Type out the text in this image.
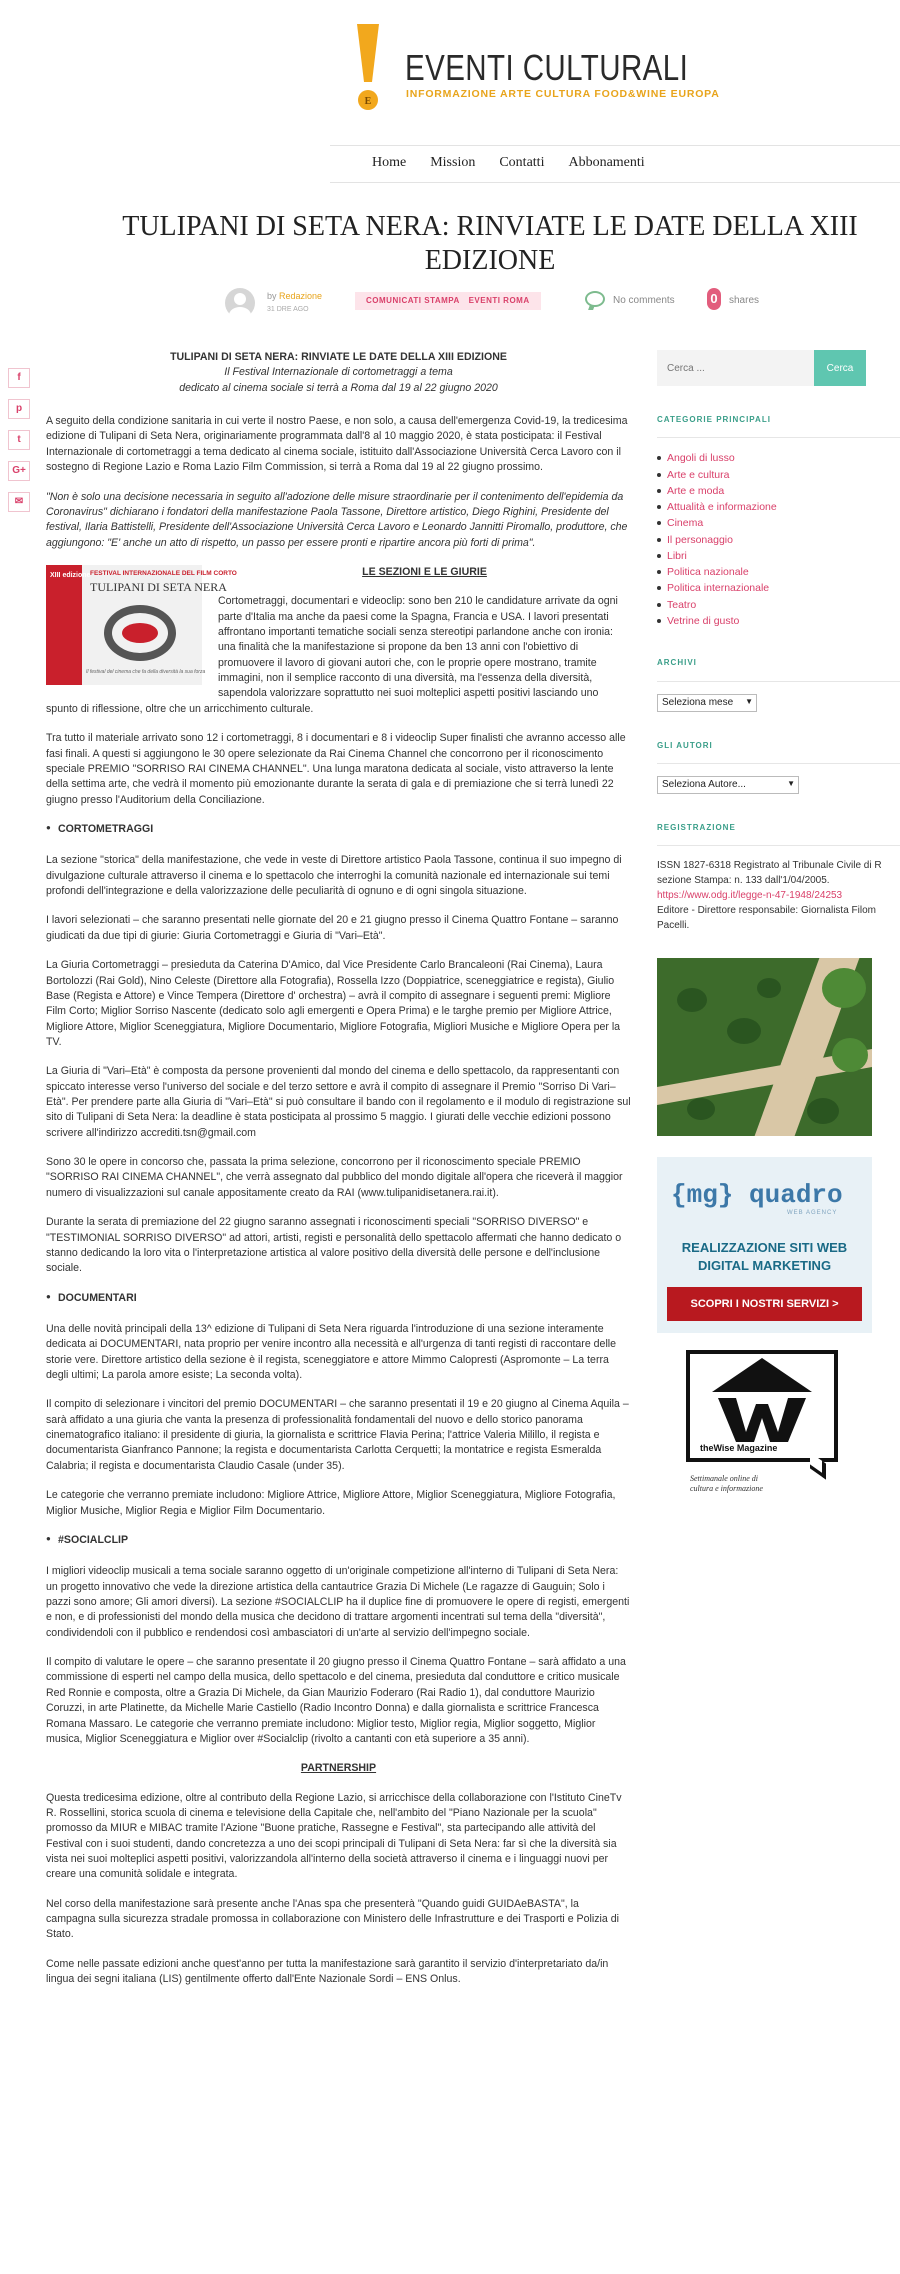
E
EVENTI CULTURALI
INFORMAZIONE ARTE CULTURA FOOD&WINE EUROPA
Home	Mission	Contatti	Abbonamenti
TULIPANI DI SETA NERA: RINVIATE LE DATE DELLA XIII EDIZIONE
by Redazione
31 DRE AGO
COMUNICATI STAMPA EVENTI ROMA	No comments	0	shares
f
p
t
G+
✉
TULIPANI DI SETA NERA: RINVIATE LE DATE DELLA XIII EDIZIONE
Il Festival Internazionale di cortometraggi a tema
dedicato al cinema sociale si terrà a Roma dal 19 al 22 giugno 2020

A seguito della condizione sanitaria in cui verte il nostro Paese, e non solo, a causa dell'emergenza Covid-19, la tredicesima edizione di Tulipani di Seta Nera, originariamente programmata dall'8 al 10 maggio 2020, è stata posticipata: il Festival Internazionale di cortometraggi a tema dedicato al cinema sociale, istituito dall'Associazione Università Cerca Lavoro con il sostegno di Regione Lazio e Roma Lazio Film Commission, si terrà a Roma dal 19 al 22 giugno prossimo.

"Non è solo una decisione necessaria in seguito all'adozione delle misure straordinarie per il contenimento dell'epidemia da Coronavirus" dichiarano i fondatori della manifestazione Paola Tassone, Direttore artistico, Diego Righini, Presidente del festival, Ilaria Battistelli, Presidente dell'Associazione Università Cerca Lavoro e Leonardo Jannitti Piromallo, produttore, che aggiungono: "E' anche un atto di rispetto, un passo per essere pronti e ripartire ancora più forti di prima".

XIII edizione FESTIVAL INTERNAZIONALE DEL FILM CORTO
TULIPANI DI SETA NERA
Il festival del cinema che fa della diversità la sua forza
LE SEZIONI E LE GIURIE

Cortometraggi, documentari e videoclip: sono ben 210 le candidature arrivate da ogni parte d'Italia ma anche da paesi come la Spagna, Francia e USA. I lavori presentati affrontano importanti tematiche sociali senza stereotipi parlandone anche con ironia: una finalità che la manifestazione si propone da ben 13 anni con l'obiettivo di promuovere il lavoro di giovani autori che, con le proprie opere mostrano, tramite immagini, non il semplice racconto di una diversità, ma l'essenza della diversità, sapendola valorizzare soprattutto nei suoi molteplici aspetti positivi lasciando uno spunto di riflessione, oltre che un arricchimento culturale.

Tra tutto il materiale arrivato sono 12 i cortometraggi, 8 i documentari e 8 i videoclip Super finalisti che avranno accesso alle fasi finali. A questi si aggiungono le 30 opere selezionate da Rai Cinema Channel che concorrono per il riconoscimento speciale PREMIO "SORRISO RAI CINEMA CHANNEL". Una lunga maratona dedicata al sociale, visto attraverso la lente della settima arte, che vedrà il momento più emozionante durante la serata di gala e di premiazione che si terrà lunedì 22 giugno presso l'Auditorium della Conciliazione.

● CORTOMETRAGGI

La sezione "storica" della manifestazione, che vede in veste di Direttore artistico Paola Tassone, continua il suo impegno di divulgazione culturale attraverso il cinema e lo spettacolo che interroghi la comunità nazionale ed internazionale sui temi profondi dell'integrazione e della valorizzazione delle peculiarità di ognuno e di ogni singola situazione.

I lavori selezionati – che saranno presentati nelle giornate del 20 e 21 giugno presso il Cinema Quattro Fontane – saranno giudicati da due tipi di giurie: Giuria Cortometraggi e Giuria di "Vari–Età".

La Giuria Cortometraggi – presieduta da Caterina D'Amico, dal Vice Presidente Carlo Brancaleoni (Rai Cinema), Laura Bortolozzi (Rai Gold), Nino Celeste (Direttore alla Fotografia), Rossella Izzo (Doppiatrice, sceneggiatrice e regista), Giulio Base (Regista e Attore) e Vince Tempera (Direttore d' orchestra) – avrà il compito di assegnare i seguenti premi: Migliore Film Corto; Miglior Sorriso Nascente (dedicato solo agli emergenti e Opera Prima) e le targhe premio per Migliore Attrice, Migliore Attore, Miglior Sceneggiatura, Migliore Documentario, Migliore Fotografia, Migliori Musiche e Migliore Opera per la TV.

La Giuria di "Vari–Età" è composta da persone provenienti dal mondo del cinema e dello spettacolo, da rappresentanti con spiccato interesse verso l'universo del sociale e del terzo settore e avrà il compito di assegnare il Premio "Sorriso Di Vari–Età". Per prendere parte alla Giuria di "Vari–Età" si può consultare il bando con il regolamento e il modulo di registrazione sul sito di Tulipani di Seta Nera: la deadline è stata posticipata al prossimo 5 maggio. I giurati delle vecchie edizioni possono scrivere all'indirizzo accrediti.tsn@gmail.com

Sono 30 le opere in concorso che, passata la prima selezione, concorrono per il riconoscimento speciale PREMIO "SORRISO RAI CINEMA CHANNEL", che verrà assegnato dal pubblico del mondo digitale all'opera che riceverà il maggior numero di visualizzazioni sul canale appositamente creato da RAI (www.tulipanidisetanera.rai.it).

Durante la serata di premiazione del 22 giugno saranno assegnati i riconoscimenti speciali "SORRISO DIVERSO" e "TESTIMONIAL SORRISO DIVERSO" ad attori, artisti, registi e personalità dello spettacolo affermati che hanno dedicato o stanno dedicando la loro vita o l'interpretazione artistica al valore positivo della diversità delle persone e dell'inclusione sociale.

● DOCUMENTARI

Una delle novità principali della 13^ edizione di Tulipani di Seta Nera riguarda l'introduzione di una sezione interamente dedicata ai DOCUMENTARI, nata proprio per venire incontro alla necessità e all'urgenza di tanti registi di raccontare delle storie vere. Direttore artistico della sezione è il regista, sceneggiatore e attore Mimmo Calopresti (Aspromonte – La terra degli ultimi; La parola amore esiste; La seconda volta).

Il compito di selezionare i vincitori del premio DOCUMENTARI – che saranno presentati il 19 e 20 giugno al Cinema Aquila – sarà affidato a una giuria che vanta la presenza di professionalità fondamentali del nuovo e dello storico panorama cinematografico italiano: il presidente di giuria, la giornalista e scrittrice Flavia Perina; l'attrice Valeria Milillo, il regista e documentarista Gianfranco Pannone; la regista e documentarista Carlotta Cerquetti; la montatrice e regista Esmeralda Calabria; il regista e documentarista Claudio Casale (under 35).

Le categorie che verranno premiate includono: Migliore Attrice, Migliore Attore, Miglior Sceneggiatura, Migliore Fotografia, Miglior Musiche, Miglior Regia e Miglior Film Documentario.

● #SOCIALCLIP

I migliori videoclip musicali a tema sociale saranno oggetto di un'originale competizione all'interno di Tulipani di Seta Nera: un progetto innovativo che vede la direzione artistica della cantautrice Grazia Di Michele (Le ragazze di Gauguin; Solo i pazzi sono amore; Gli amori diversi). La sezione #SOCIALCLIP ha il duplice fine di promuovere le opere di registi, emergenti e non, e di professionisti del mondo della musica che decidono di trattare argomenti incentrati sul tema della "diversità", condividendoli con il pubblico e rendendosi così ambasciatori di un'arte al servizio dell'impegno sociale.

Il compito di valutare le opere – che saranno presentate il 20 giugno presso il Cinema Quattro Fontane – sarà affidato a una commissione di esperti nel campo della musica, dello spettacolo e del cinema, presieduta dal conduttore e critico musicale Red Ronnie e composta, oltre a Grazia Di Michele, da Gian Maurizio Foderaro (Rai Radio 1), dal conduttore Maurizio Coruzzi, in arte Platinette, da Michelle Marie Castiello (Radio Incontro Donna) e dalla giornalista e scrittrice Francesca Romana Massaro. Le categorie che verranno premiate includono: Miglior testo, Miglior regia, Miglior soggetto, Miglior musica, Miglior Sceneggiatura e Miglior over #Socialclip (rivolto a cantanti con età superiore a 35 anni).

PARTNERSHIP

Questa tredicesima edizione, oltre al contributo della Regione Lazio, si arricchisce della collaborazione con l'Istituto CineTv R. Rossellini, storica scuola di cinema e televisione della Capitale che, nell'ambito del "Piano Nazionale per la scuola" promosso da MIUR e MIBAC tramite l'Azione "Buone pratiche, Rassegne e Festival", sta partecipando alle attività del Festival con i suoi studenti, dando concretezza a uno dei scopi principali di Tulipani di Seta Nera: far sì che la diversità sia vista nei suoi molteplici aspetti positivi, valorizzandola all'interno della società attraverso il cinema e i linguaggi nuovi per creare una comunità solidale e integrata.

Nel corso della manifestazione sarà presente anche l'Anas spa che presenterà "Quando guidi GUIDAeBASTA", la campagna sulla sicurezza stradale promossa in collaborazione con Ministero delle Infrastrutture e dei Trasporti e Polizia di Stato.

Come nelle passate edizioni anche quest'anno per tutta la manifestazione sarà garantito il servizio d'interpretariato da/in lingua dei segni italiana (LIS) gentilmente offerto dall'Ente Nazionale Sordi – ENS Onlus.

Cerca ...
Cerca
CATEGORIE PRINCIPALI
Angoli di lusso
Arte e cultura
Arte e moda
Attualità e informazione
Cinema
Il personaggio
Libri
Politica nazionale
Politica internazionale
Teatro
Vetrine di gusto
ARCHIVI
Seleziona mese ▼
GLI AUTORI
Seleziona Autore...	▼
REGISTRAZIONE
ISSN 1827-6318 Registrato al Tribunale Civile di R
sezione Stampa: n. 133 dall'1/04/2005.
https://www.odg.it/legge-n-47-1948/24253
Editore - Direttore responsabile: Giornalista Filom
Pacelli.
{mg} quadro
WEB AGENCY
REALIZZAZIONE SITI WEB
DIGITAL MARKETING
SCOPRI I NOSTRI SERVIZI >
theWise Magazine
Settimanale online di
cultura e informazione
